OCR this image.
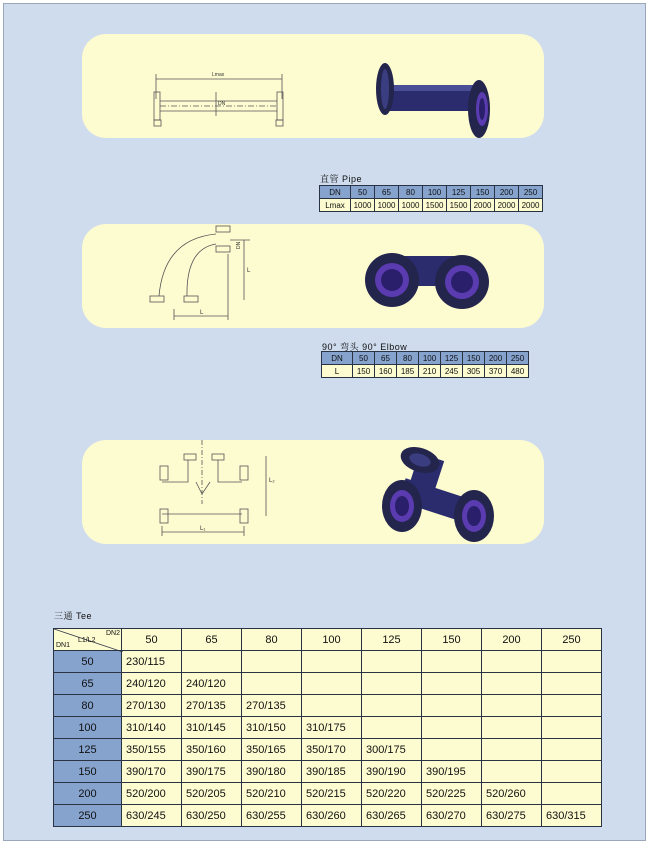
Lmax
DN
直管 Pipe
DN	50	65	80	100	125	150	200	250
Lmax	1000	1000	1000	1500	1500	2000	2000	2000
DN
L
L
90° 弯头 90° Elbow
DN	50	65	80	100	125	150	200	250
L	150	160	185	210	245	305	370	480
L₂
L₁
三通 Tee
DN2
L1/L2
DN1	50	65	80	100	125	150	200	250
50	230/115							
65	240/120	240/120						
80	270/130	270/135	270/135					
100	310/140	310/145	310/150	310/175				
125	350/155	350/160	350/165	350/170	300/175			
150	390/170	390/175	390/180	390/185	390/190	390/195		
200	520/200	520/205	520/210	520/215	520/220	520/225	520/260	
250	630/245	630/250	630/255	630/260	630/265	630/270	630/275	630/315
